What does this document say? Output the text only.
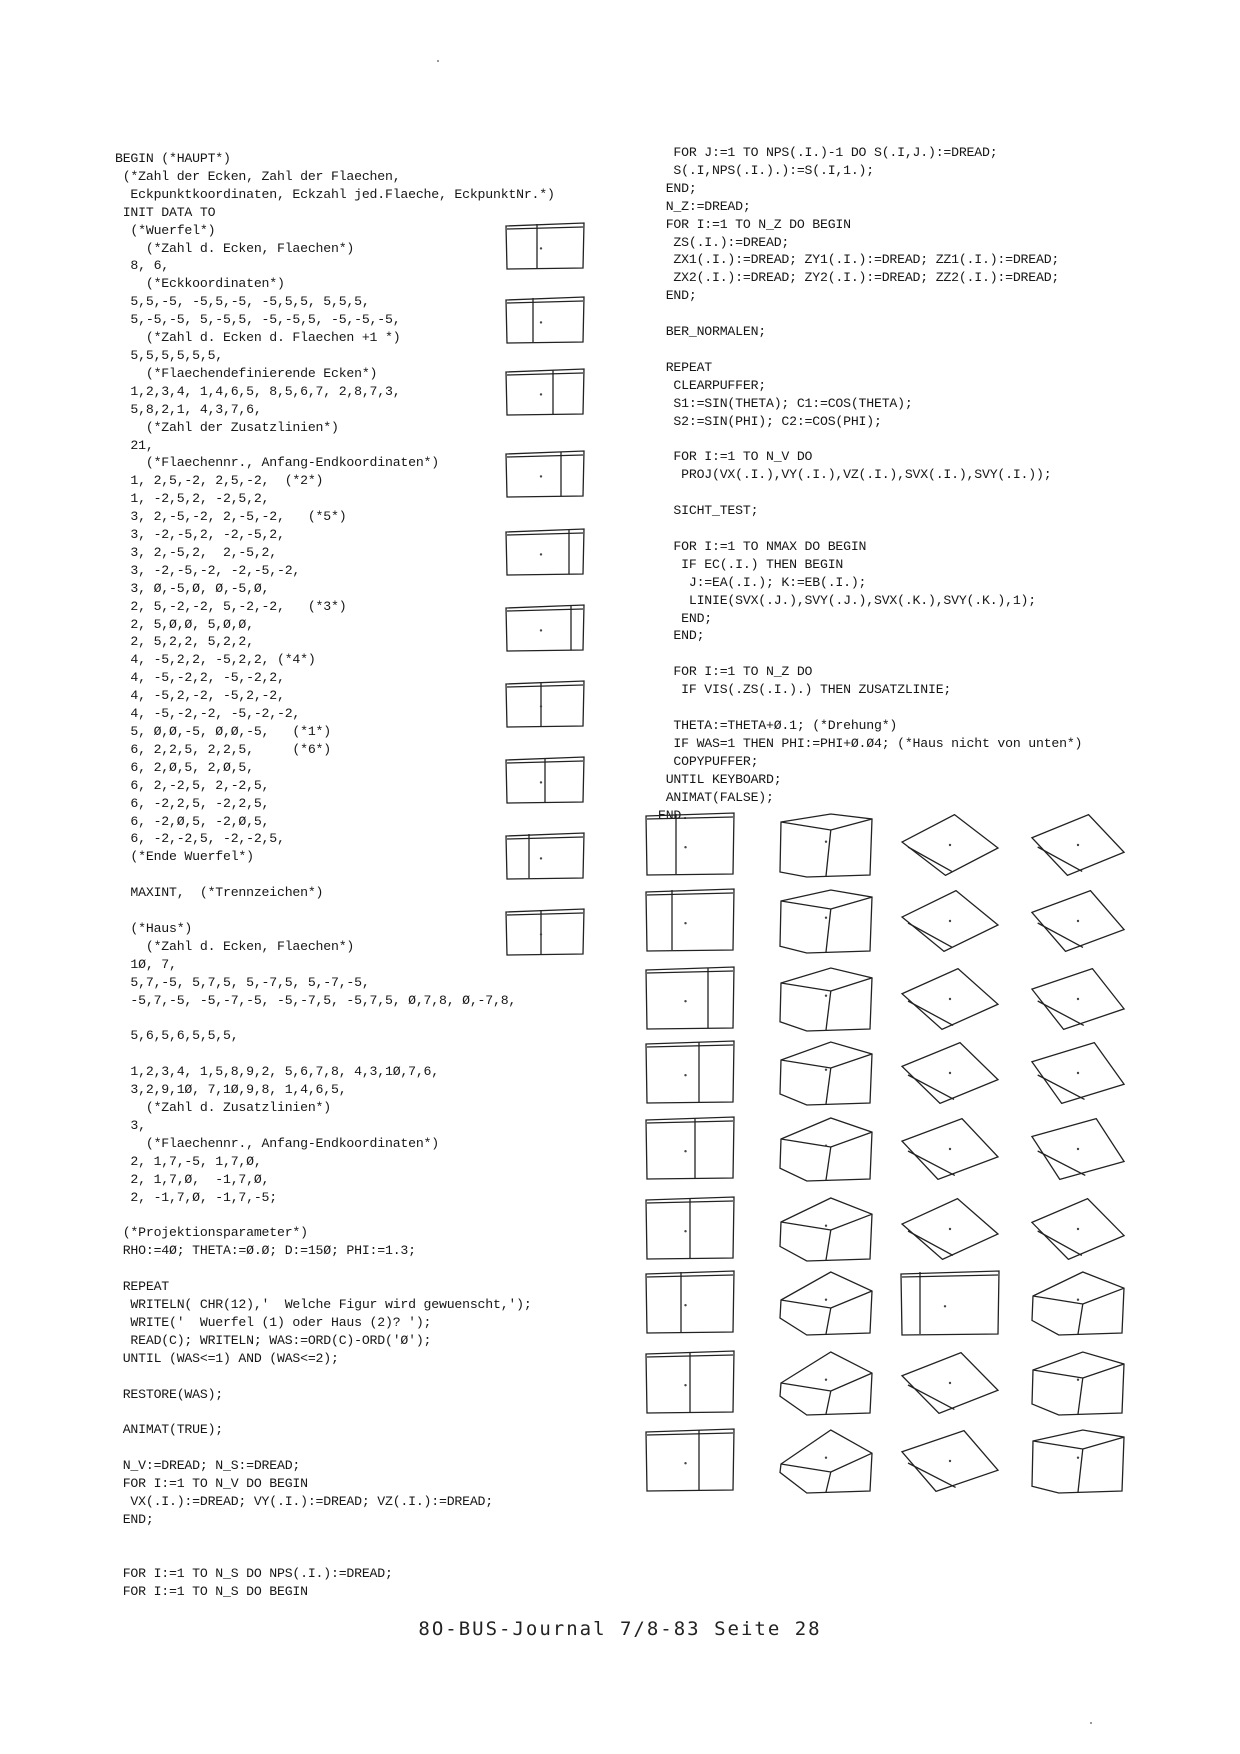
BEGIN (*HAUPT*)
(*Zahl der Ecken, Zahl der Flaechen,
Eckpunktkoordinaten, Eckzahl jed.Flaeche, EckpunktNr.*)
INIT DATA TO
(*Wuerfel*)
(*Zahl d. Ecken, Flaechen*)
8, 6,
(*Eckkoordinaten*)
5,5,-5, -5,5,-5, -5,5,5, 5,5,5,
5,-5,-5, 5,-5,5, -5,-5,5, -5,-5,-5,
(*Zahl d. Ecken d. Flaechen +1 *)
5,5,5,5,5,5,
(*Flaechendefinierende Ecken*)
1,2,3,4, 1,4,6,5, 8,5,6,7, 2,8,7,3,
5,8,2,1, 4,3,7,6,
(*Zahl der Zusatzlinien*)
21,
(*Flaechennr., Anfang-Endkoordinaten*)
1, 2,5,-2, 2,5,-2,  (*2*)
1, -2,5,2, -2,5,2,
3, 2,-5,-2, 2,-5,-2,   (*5*)
3, -2,-5,2, -2,-5,2,
3, 2,-5,2,  2,-5,2,
3, -2,-5,-2, -2,-5,-2,
3, Ø,-5,Ø, Ø,-5,Ø,
2, 5,-2,-2, 5,-2,-2,   (*3*)
2, 5,Ø,Ø, 5,Ø,Ø,
2, 5,2,2, 5,2,2,
4, -5,2,2, -5,2,2, (*4*)
4, -5,-2,2, -5,-2,2,
4, -5,2,-2, -5,2,-2,
4, -5,-2,-2, -5,-2,-2,
5, Ø,Ø,-5, Ø,Ø,-5,   (*1*)
6, 2,2,5, 2,2,5,     (*6*)
6, 2,Ø,5, 2,Ø,5,
6, 2,-2,5, 2,-2,5,
6, -2,2,5, -2,2,5,
6, -2,Ø,5, -2,Ø,5,
6, -2,-2,5, -2,-2,5,
(*Ende Wuerfel*)

MAXINT,  (*Trennzeichen*)

(*Haus*)
(*Zahl d. Ecken, Flaechen*)
1Ø, 7,
5,7,-5, 5,7,5, 5,-7,5, 5,-7,-5,
-5,7,-5, -5,-7,-5, -5,-7,5, -5,7,5, Ø,7,8, Ø,-7,8,

5,6,5,6,5,5,5,

1,2,3,4, 1,5,8,9,2, 5,6,7,8, 4,3,1Ø,7,6,
3,2,9,1Ø, 7,1Ø,9,8, 1,4,6,5,
(*Zahl d. Zusatzlinien*)
3,
(*Flaechennr., Anfang-Endkoordinaten*)
2, 1,7,-5, 1,7,Ø,
2, 1,7,Ø,  -1,7,Ø,
2, -1,7,Ø, -1,7,-5;

(*Projektionsparameter*)
RHO:=4Ø; THETA:=Ø.Ø; D:=15Ø; PHI:=1.3;

REPEAT
WRITELN( CHR(12),'  Welche Figur wird gewuenscht,');
WRITE('  Wuerfel (1) oder Haus (2)? ');
READ(C); WRITELN; WAS:=ORD(C)-ORD('Ø');
UNTIL (WAS<=1) AND (WAS<=2);

RESTORE(WAS);

ANIMAT(TRUE);

N_V:=DREAD; N_S:=DREAD;
FOR I:=1 TO N_V DO BEGIN
VX(.I.):=DREAD; VY(.I.):=DREAD; VZ(.I.):=DREAD;
END;

FOR I:=1 TO N_S DO NPS(.I.):=DREAD;
FOR I:=1 TO N_S DO BEGIN

FOR J:=1 TO NPS(.I.)-1 DO S(.I,J.):=DREAD;
S(.I,NPS(.I.).):=S(.I,1.);
END;
N_Z:=DREAD;
FOR I:=1 TO N_Z DO BEGIN
ZS(.I.):=DREAD;
ZX1(.I.):=DREAD; ZY1(.I.):=DREAD; ZZ1(.I.):=DREAD;
ZX2(.I.):=DREAD; ZY2(.I.):=DREAD; ZZ2(.I.):=DREAD;
END;

BER_NORMALEN;

REPEAT
CLEARPUFFER;
S1:=SIN(THETA); C1:=COS(THETA);
S2:=SIN(PHI); C2:=COS(PHI);

FOR I:=1 TO N_V DO
PROJ(VX(.I.),VY(.I.),VZ(.I.),SVX(.I.),SVY(.I.));

SICHT_TEST;

FOR I:=1 TO NMAX DO BEGIN
IF EC(.I.) THEN BEGIN
J:=EA(.I.); K:=EB(.I.);
LINIE(SVX(.J.),SVY(.J.),SVX(.K.),SVY(.K.),1);
END;
END;

FOR I:=1 TO N_Z DO
IF VIS(.ZS(.I.).) THEN ZUSATZLINIE;

THETA:=THETA+Ø.1; (*Drehung*)
IF WAS=1 THEN PHI:=PHI+Ø.Ø4; (*Haus nicht von unten*)
COPYPUFFER;
UNTIL KEYBOARD;
ANIMAT(FALSE);
END.

8O-BUS-Journal 7/8-83 Seite 28
